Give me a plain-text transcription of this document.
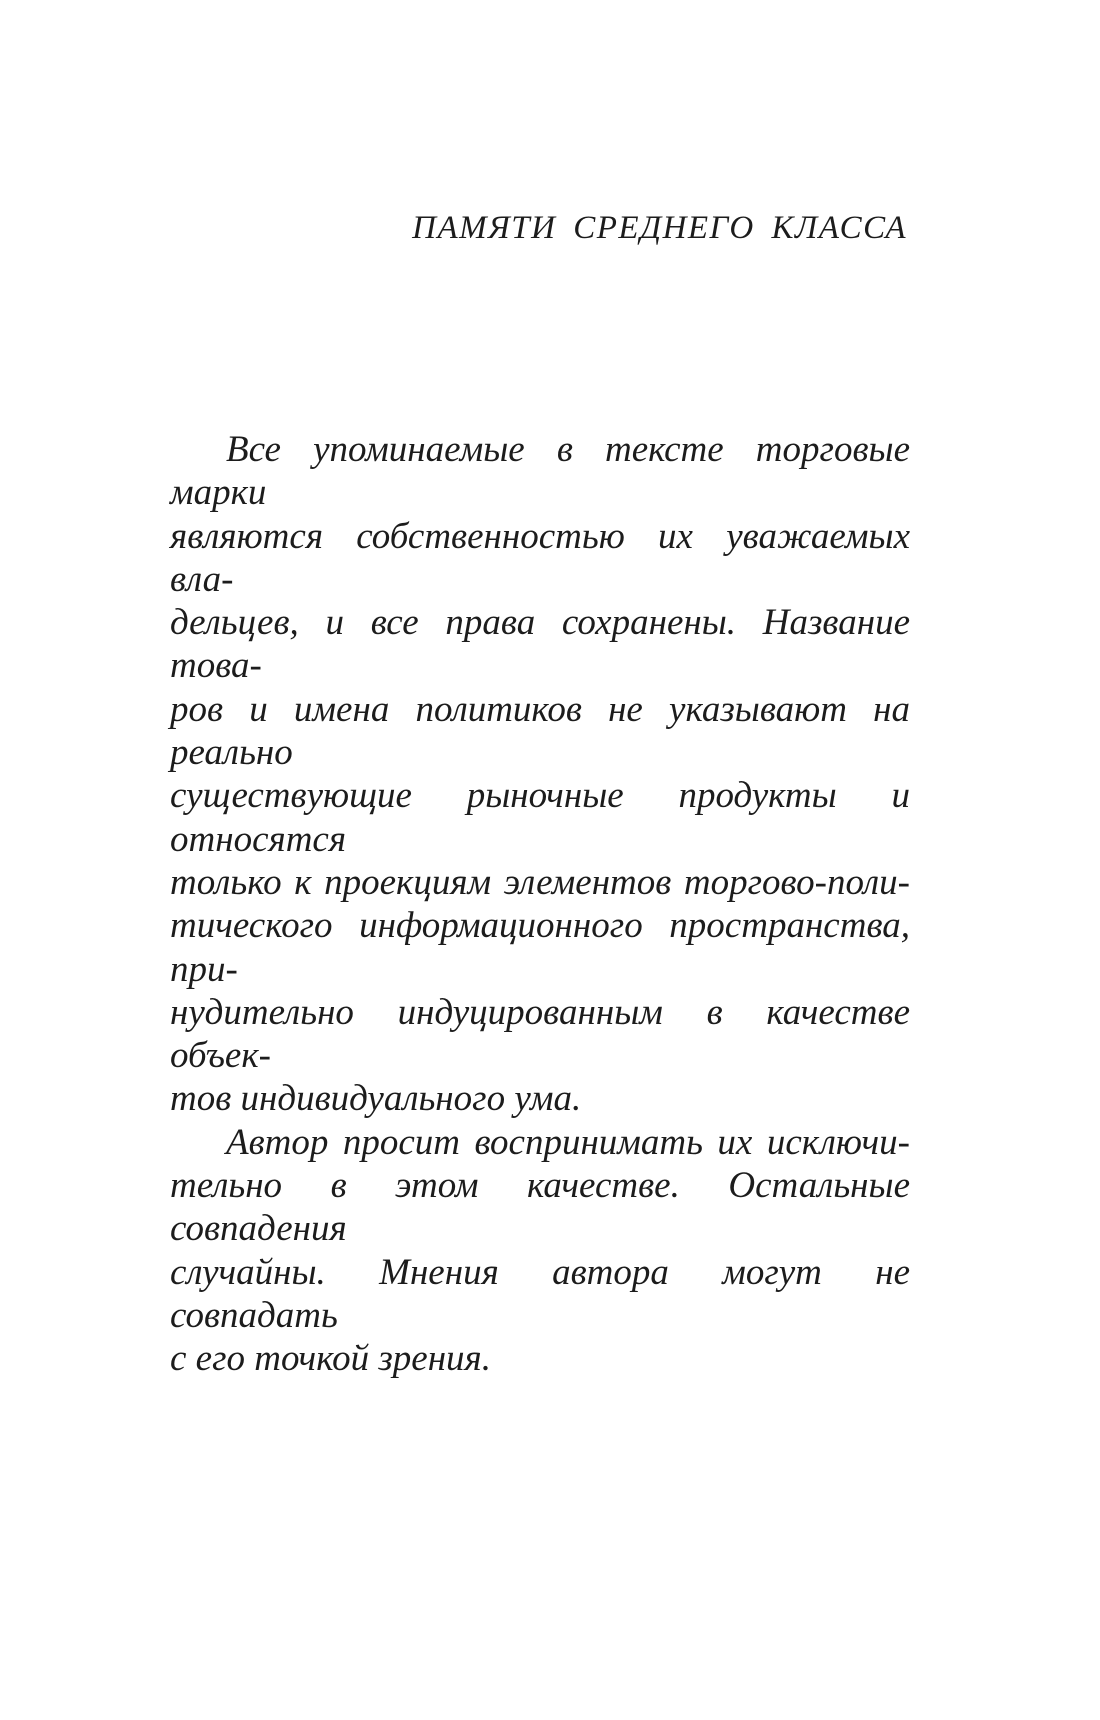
ПАМЯТИ СРЕДНЕГО КЛАССА
Все упоминаемые в тексте торговые марки
являются собственностью их уважаемых вла-
дельцев, и все права сохранены. Название това-
ров и имена политиков не указывают на реально
существующие рыночные продукты и относятся
только к проекциям элементов торгово-поли-
тического информационного пространства, при-
нудительно индуцированным в качестве объек-
тов индивидуального ума.
Автор просит воспринимать их исключи-
тельно в этом качестве. Остальные совпадения
случайны. Мнения автора могут не совпадать
с его точкой зрения.
